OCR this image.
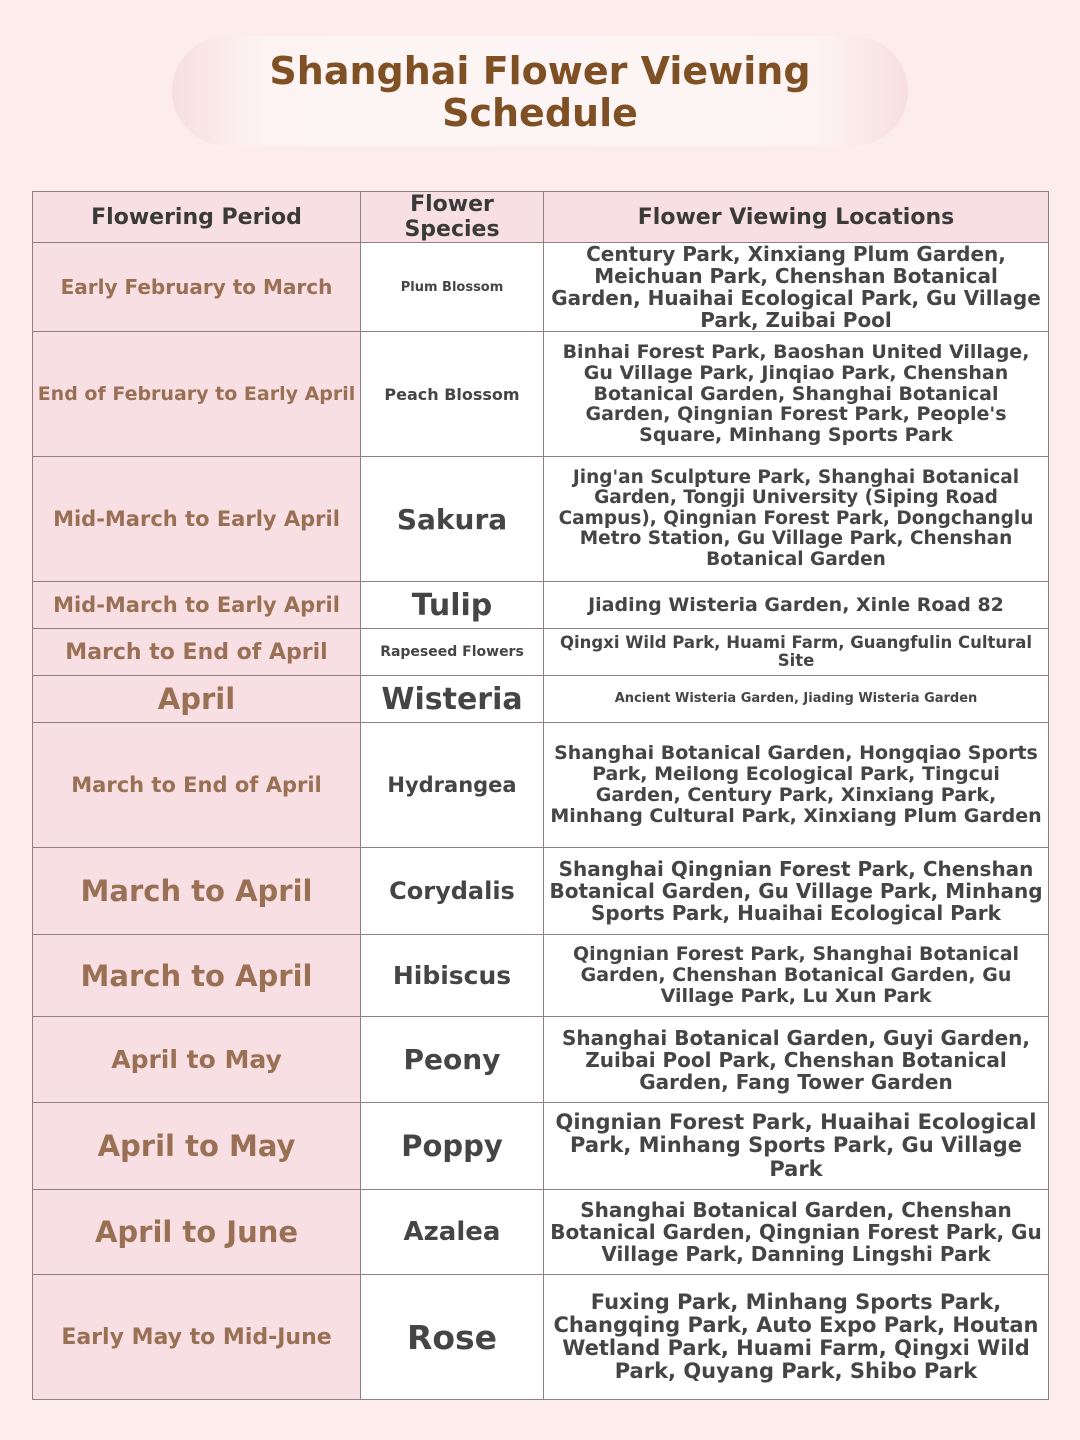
Shanghai Flower Viewing
Schedule
Flowering Period	Flower Species	Flower Viewing Locations
Early February to March	Plum Blossom	Century Park, Xinxiang Plum Garden, Meichuan Park, Chenshan Botanical Garden, Huaihai Ecological Park, Gu Village Park, Zuibai Pool
End of February to Early April	Peach Blossom	Binhai Forest Park, Baoshan United Village, Gu Village Park, Jinqiao Park, Chenshan Botanical Garden, Shanghai Botanical Garden, Qingnian Forest Park, People's Square, Minhang Sports Park
Mid-March to Early April	Sakura	Jing'an Sculpture Park, Shanghai Botanical Garden, Tongji University (Siping Road Campus), Qingnian Forest Park, Dongchanglu Metro Station, Gu Village Park, Chenshan Botanical Garden
Mid-March to Early April	Tulip	Jiading Wisteria Garden, Xinle Road 82
March to End of April	Rapeseed Flowers	Qingxi Wild Park, Huami Farm, Guangfulin Cultural Site
April	Wisteria	Ancient Wisteria Garden, Jiading Wisteria Garden
March to End of April	Hydrangea	Shanghai Botanical Garden, Hongqiao Sports Park, Meilong Ecological Park, Tingcui Garden, Century Park, Xinxiang Park, Minhang Cultural Park, Xinxiang Plum Garden
March to April	Corydalis	Shanghai Qingnian Forest Park, Chenshan Botanical Garden, Gu Village Park, Minhang Sports Park, Huaihai Ecological Park
March to April	Hibiscus	Qingnian Forest Park, Shanghai Botanical Garden, Chenshan Botanical Garden, Gu Village Park, Lu Xun Park
April to May	Peony	Shanghai Botanical Garden, Guyi Garden, Zuibai Pool Park, Chenshan Botanical Garden, Fang Tower Garden
April to May	Poppy	Qingnian Forest Park, Huaihai Ecological Park, Minhang Sports Park, Gu Village Park
April to June	Azalea	Shanghai Botanical Garden, Chenshan Botanical Garden, Qingnian Forest Park, Gu Village Park, Danning Lingshi Park
Early May to Mid-June	Rose	Fuxing Park, Minhang Sports Park, Changqing Park, Auto Expo Park, Houtan Wetland Park, Huami Farm, Qingxi Wild Park, Quyang Park, Shibo Park
